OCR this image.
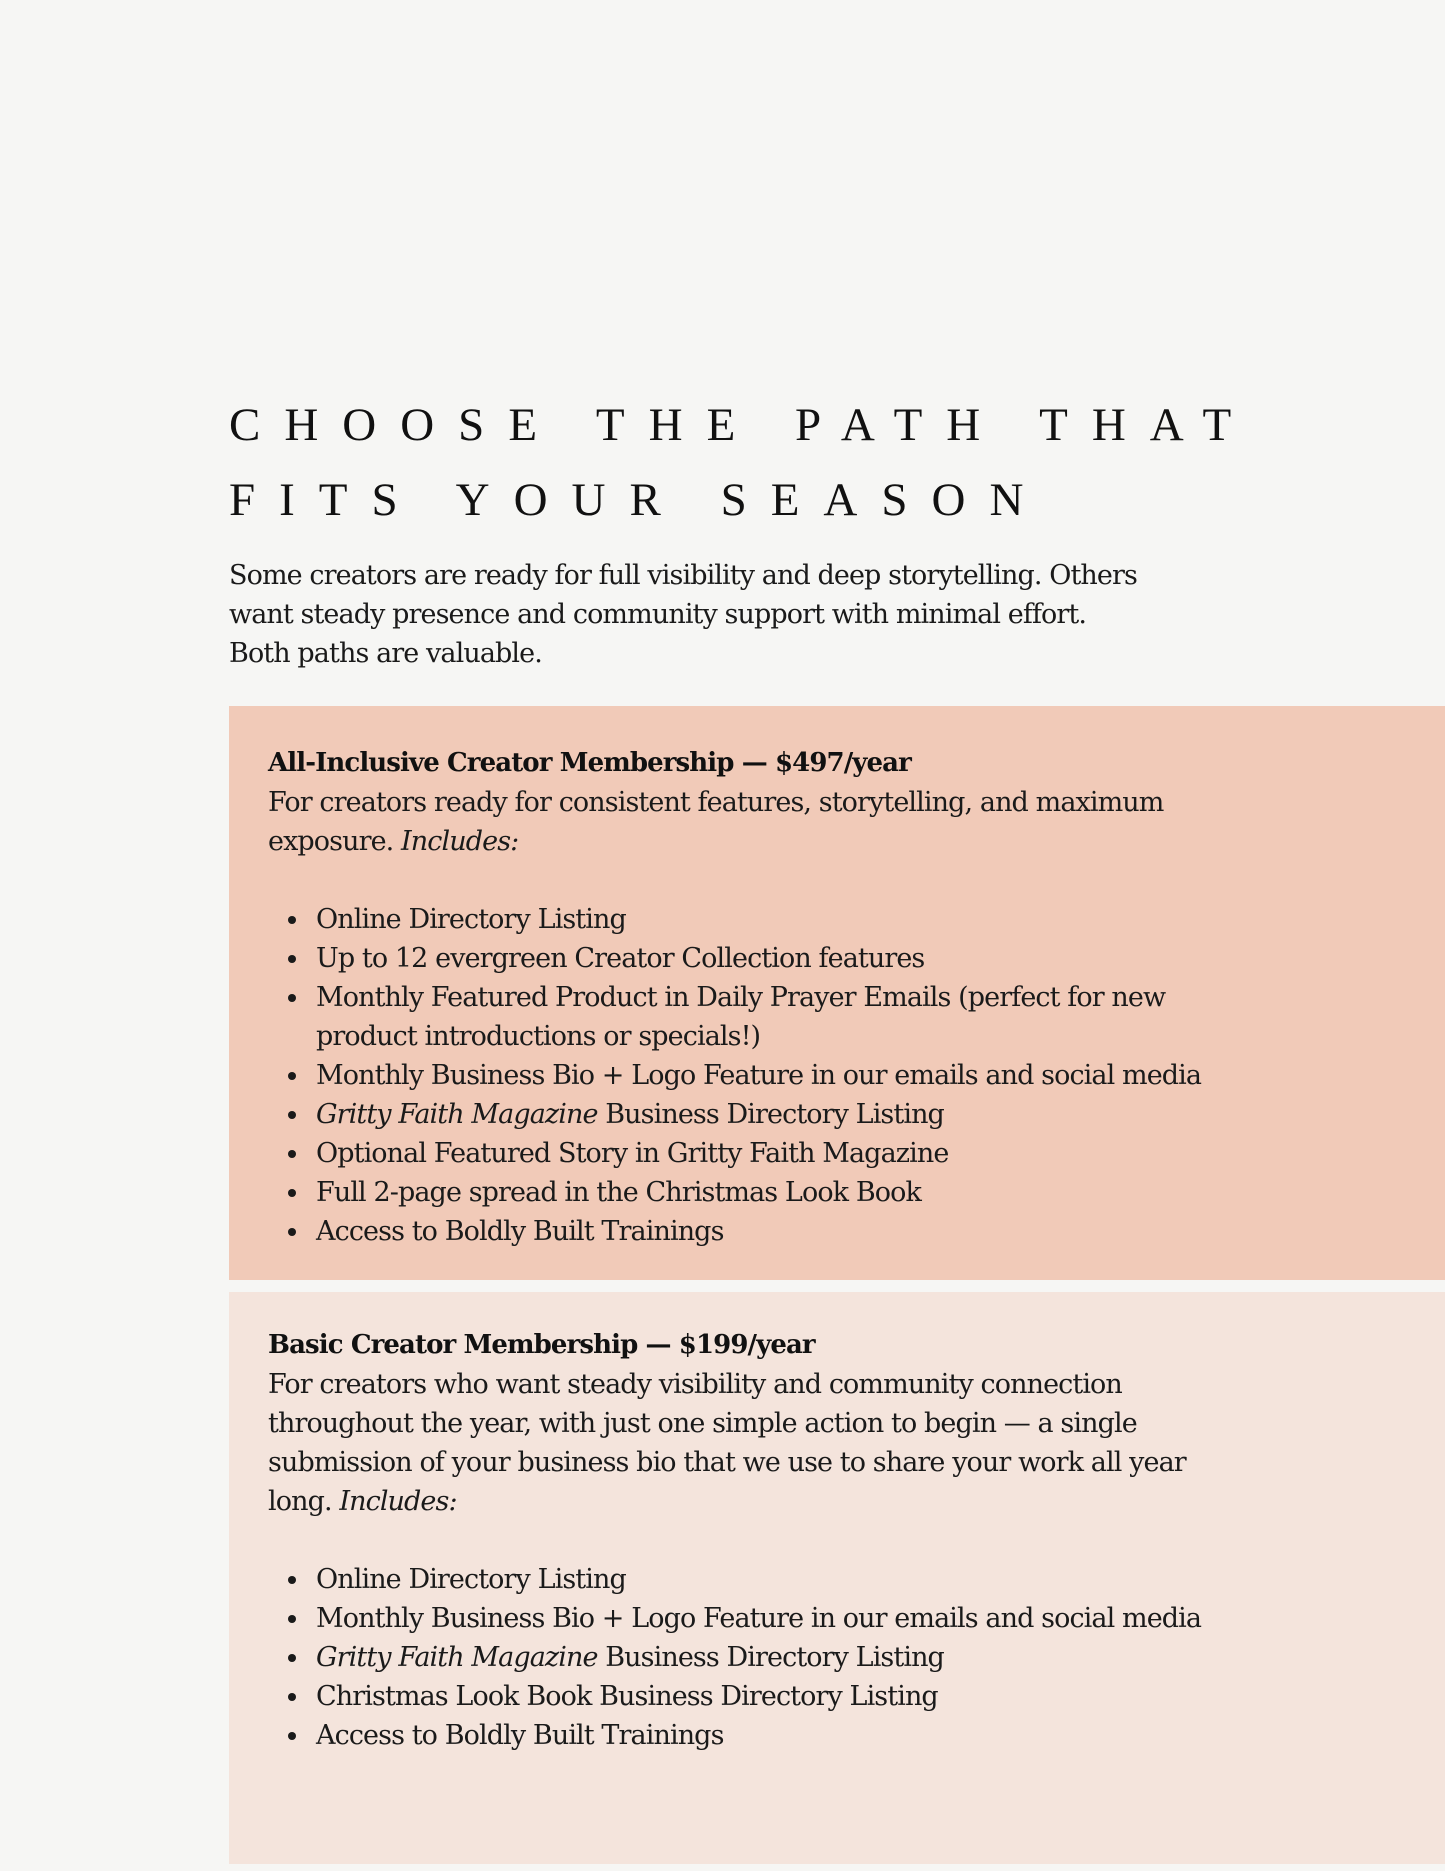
CHOOSE THE PATH THAT
FITS YOUR SEASON
Some creators are ready for full visibility and deep storytelling. Others
want steady presence and community support with minimal effort.
Both paths are valuable.
All-Inclusive Creator Membership — $497/year
For creators ready for consistent features, storytelling, and maximum
exposure. Includes:
Online Directory Listing
Up to 12 evergreen Creator Collection features
Monthly Featured Product in Daily Prayer Emails (perfect for new
product introductions or specials!)
Monthly Business Bio + Logo Feature in our emails and social media
Gritty Faith Magazine Business Directory Listing
Optional Featured Story in Gritty Faith Magazine
Full 2-page spread in the Christmas Look Book
Access to Boldly Built Trainings
Basic Creator Membership — $199/year
For creators who want steady visibility and community connection
throughout the year, with just one simple action to begin — a single
submission of your business bio that we use to share your work all year
long. Includes:
Online Directory Listing
Monthly Business Bio + Logo Feature in our emails and social media
Gritty Faith Magazine Business Directory Listing
Christmas Look Book Business Directory Listing
Access to Boldly Built Trainings
